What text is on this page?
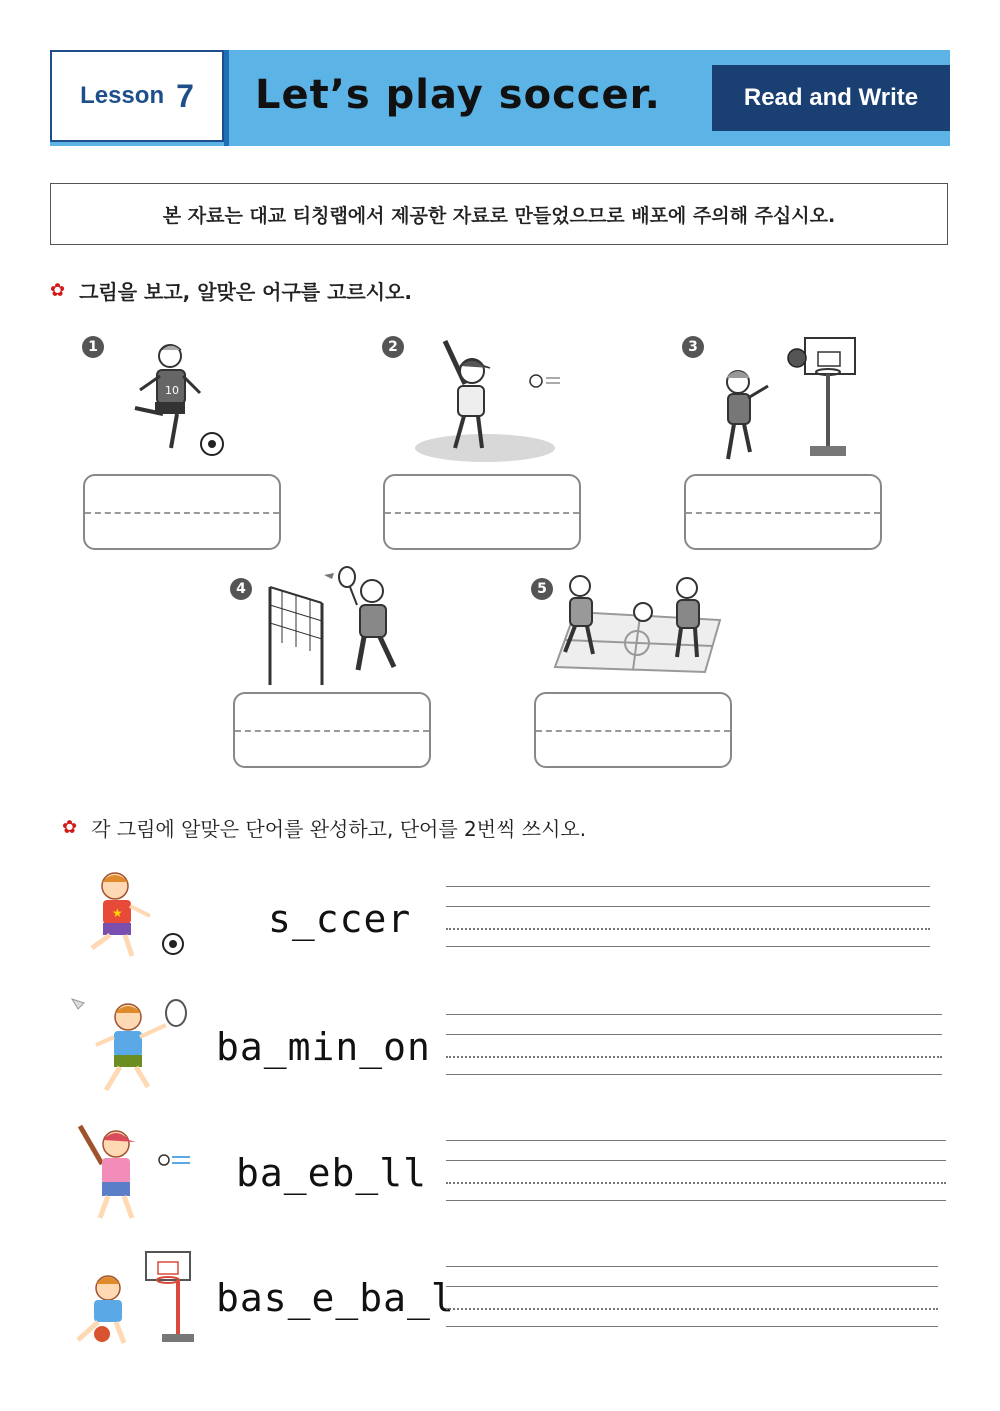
Lesson 7 Let’s play soccer.	Read and Write
본 자료는 대교 티칭랩에서 제공한 자료로 만들었으므로 배포에 주의해 주십시오.
✿ 그림을 보고, 알맞은 어구를 고르시오.
1
10
2	3
4	5
✿ 각 그림에 알맞은 단어를 완성하고, 단어를 2번씩 쓰시오.
★	s_ccer
ba_min_on
ba_eb_ll
bas_e_ba_l
